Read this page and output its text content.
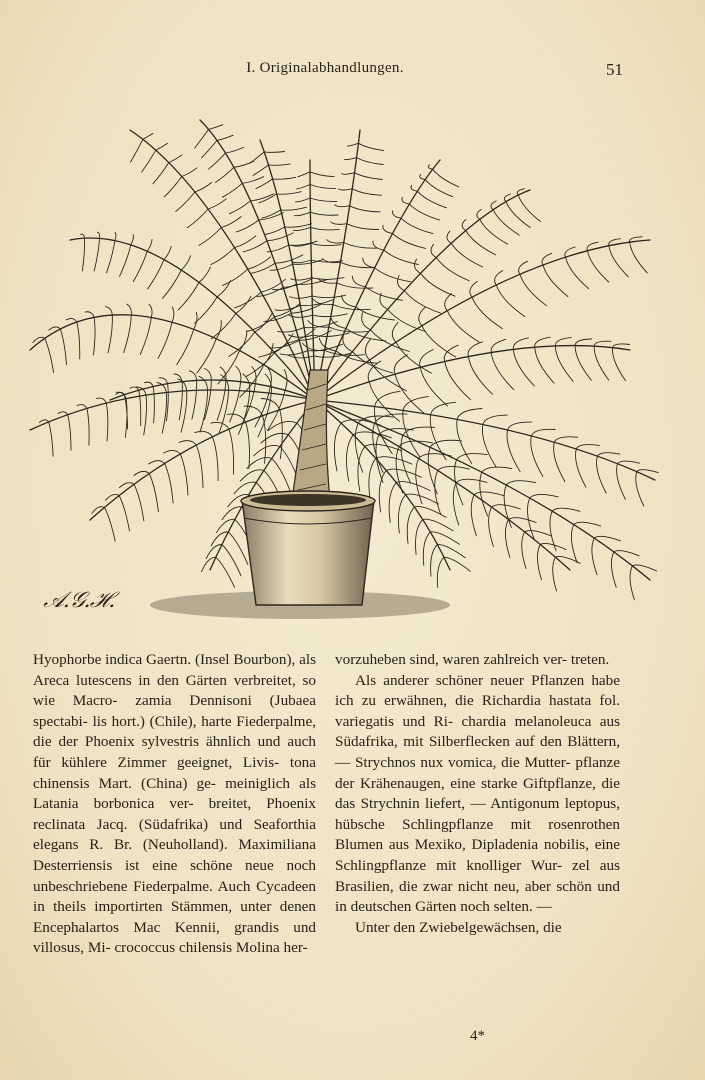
I. Originalabhandlungen.	51
𝒜.𝒢.ℋ.

Hyophorbe indica Gaertn. (Insel Bourbon), als Areca lutescens in den Gärten verbreitet, so wie Macro- zamia Dennisoni (Jubaea spectabi- lis hort.) (Chile), harte Fiederpalme, die der Phoenix sylvestris ähnlich und auch für kühlere Zimmer geeignet, Livis- tona chinensis Mart. (China) ge- meiniglich als Latania borbonica ver- breitet, Phoenix reclinata Jacq. (Südafrika) und Seaforthia elegans R. Br. (Neuholland). Maximiliana Desterriensis ist eine schöne neue noch unbeschriebene Fiederpalme. Auch Cycadeen in theils importirten Stämmen, unter denen Encephalartos Mac Kennii, grandis und villosus, Mi- crococcus chilensis Molina her-

vorzuheben sind, waren zahlreich ver- treten.

Als anderer schöner neuer Pflanzen habe ich zu erwähnen, die Richardia hastata fol. variegatis und Ri- chardia melanoleuca aus Südafrika, mit Silberflecken auf den Blättern, — Strychnos nux vomica, die Mutter- pflanze der Krähenaugen, eine starke Giftpflanze, die das Strychnin liefert, — Antigonum leptopus, hübsche Schlingpflanze mit rosenrothen Blumen aus Mexiko, Dipladenia nobilis, eine Schlingpflanze mit knolliger Wur- zel aus Brasilien, die zwar nicht neu, aber schön und in deutschen Gärten noch selten. —

Unter den Zwiebelgewächsen, die

4*
